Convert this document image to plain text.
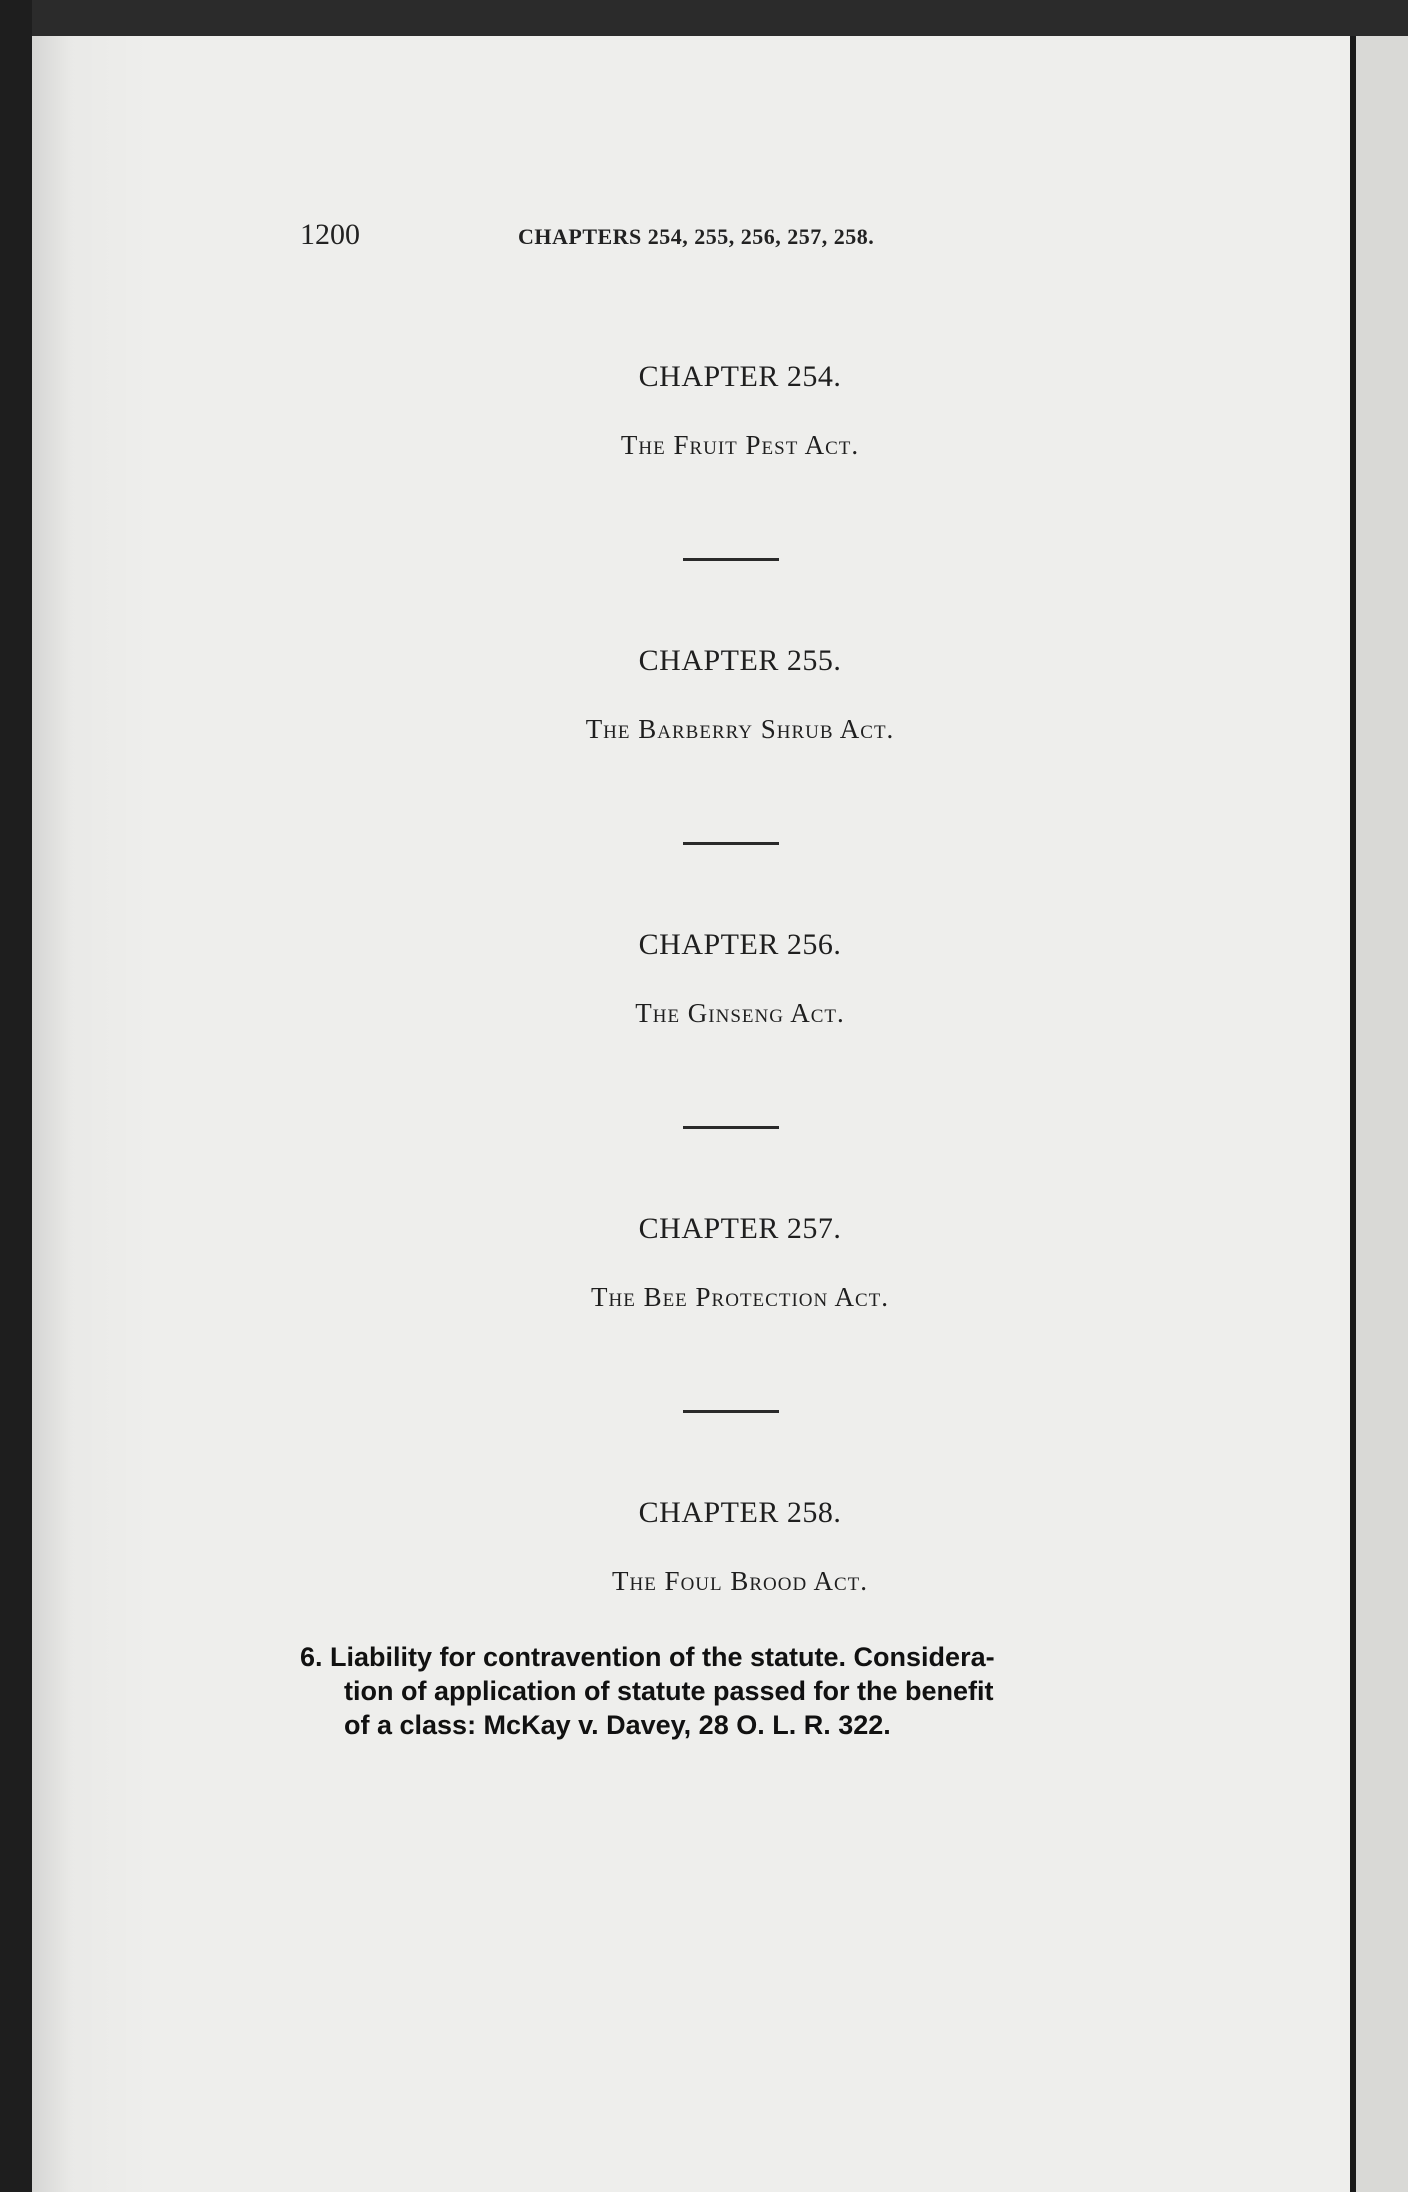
1200	CHAPTERS 254, 255, 256, 257, 258.
CHAPTER 254.
The Fruit Pest Act.
CHAPTER 255.
The Barberry Shrub Act.
CHAPTER 256.
The Ginseng Act.
CHAPTER 257.
The Bee Protection Act.
CHAPTER 258.
The Foul Brood Act.
6. Liability for contravention of the statute. Considera-
tion of application of statute passed for the benefit
of a class: McKay v. Davey, 28 O. L. R. 322.
